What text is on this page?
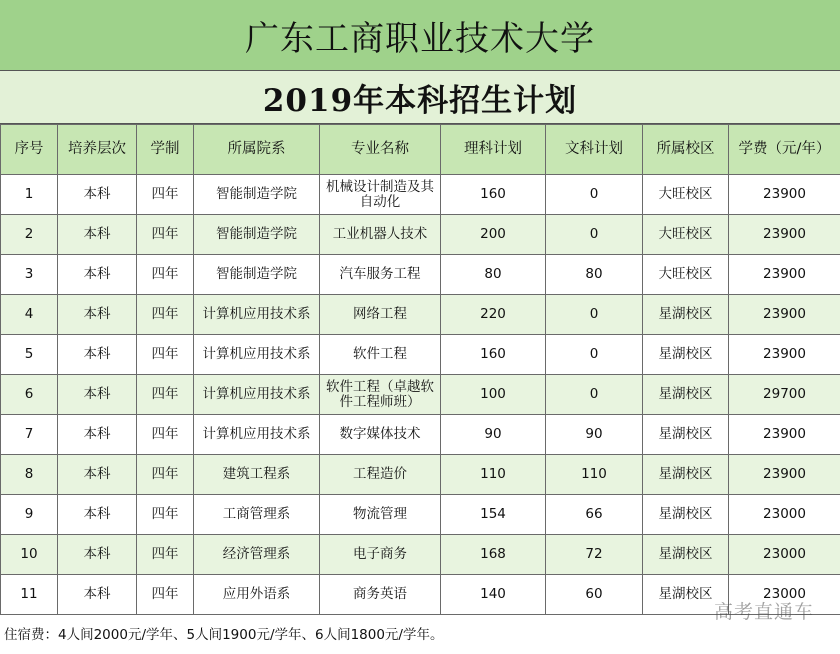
广东工商职业技术大学
2019年本科招生计划
序号	培养层次	学制	所属院系	专业名称	理科计划	文科计划	所属校区	学费（元/年）
1	本科	四年	智能制造学院	机械设计制造及其自动化	160	0	大旺校区	23900
2	本科	四年	智能制造学院	工业机器人技术	200	0	大旺校区	23900
3	本科	四年	智能制造学院	汽车服务工程	80	80	大旺校区	23900
4	本科	四年	计算机应用技术系	网络工程	220	0	星湖校区	23900
5	本科	四年	计算机应用技术系	软件工程	160	0	星湖校区	23900
6	本科	四年	计算机应用技术系	软件工程（卓越软件工程师班）	100	0	星湖校区	29700
7	本科	四年	计算机应用技术系	数字媒体技术	90	90	星湖校区	23900
8	本科	四年	建筑工程系	工程造价	110	110	星湖校区	23900
9	本科	四年	工商管理系	物流管理	154	66	星湖校区	23000
10	本科	四年	经济管理系	电子商务	168	72	星湖校区	23000
11	本科	四年	应用外语系	商务英语	140	60	星湖校区	23000
住宿费：4人间2000元/学年、5人间1900元/学年、6人间1800元/学年。
高考直通车
